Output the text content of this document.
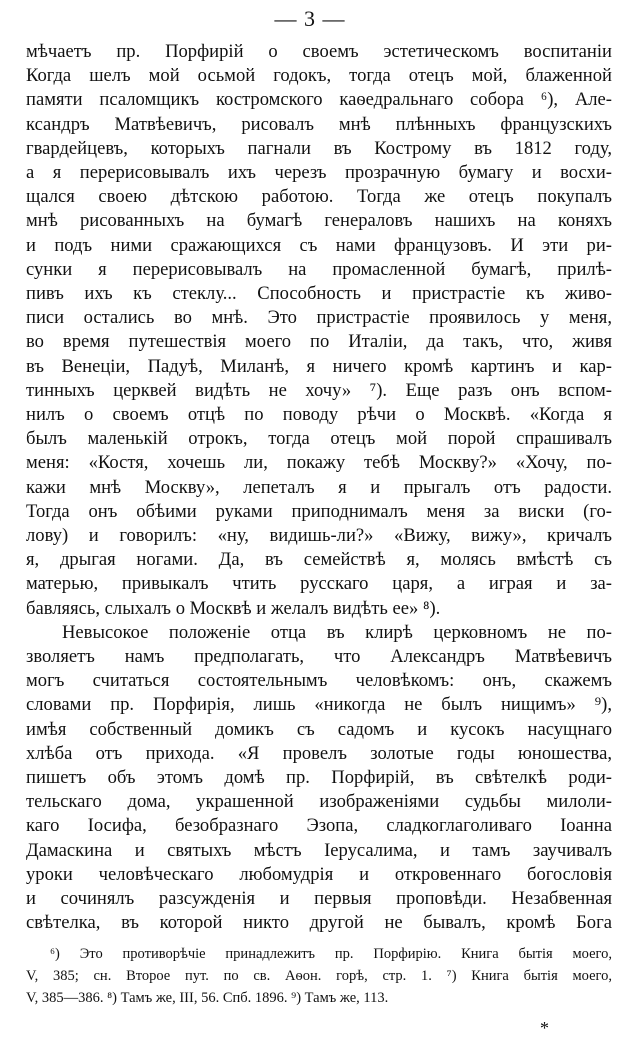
— 3 —
мѣчаетъ пр. Порфирій о своемъ эстетическомъ воспитаніи
Когда шелъ мой осьмой годокъ, тогда отецъ мой, блаженной
памяти псаломщикъ костромского каѳедральнаго собора ⁶), Але-
ксандръ Матвѣевичъ, рисовалъ мнѣ плѣнныхъ французскихъ
гвардейцевъ, которыхъ пагнали въ Кострому въ 1812 году,
а я перерисовывалъ ихъ черезъ прозрачную бумагу и восхи-
щался своею дѣтскою работою. Тогда же отецъ покупалъ
мнѣ рисованныхъ на бумагѣ генераловъ нашихъ на коняхъ
и подъ ними сражающихся съ нами французовъ. И эти ри-
сунки я перерисовывалъ на промасленной бумагѣ, прилѣ-
пивъ ихъ къ стеклу... Способность и пристрастіе къ живо-
писи остались во мнѣ. Это пристрастіе проявилось у меня,
во время путешествія моего по Италіи, да такъ, что, живя
въ Венеціи, Падуѣ, Миланѣ, я ничего кромѣ картинъ и кар-
тинныхъ церквей видѣть не хочу» ⁷). Еще разъ онъ вспом-
нилъ о своемъ отцѣ по поводу рѣчи о Москвѣ. «Когда я
былъ маленькій отрокъ, тогда отецъ мой порой спрашивалъ
меня: «Костя, хочешь ли, покажу тебѣ Москву?» «Хочу, по-
кажи мнѣ Москву», лепеталъ я и прыгалъ отъ радости.
Тогда онъ обѣими руками приподнималъ меня за виски (го-
лову) и говорилъ: «ну, видишь-ли?» «Вижу, вижу», кричалъ
я, дрыгая ногами. Да, въ семействѣ я, молясь вмѣстѣ съ
матерью, привыкалъ чтить русскаго царя, а играя и за-
бавляясь, слыхалъ о Москвѣ и желалъ видѣть ее» ⁸).
Невысокое положеніе отца въ клирѣ церковномъ не по-
зволяетъ намъ предполагать, что Александръ Матвѣевичъ
могъ считаться состоятельнымъ человѣкомъ: онъ, скажемъ
словами пр. Порфирія, лишь «никогда не былъ нищимъ» ⁹),
имѣя собственный домикъ съ садомъ и кусокъ насущнаго
хлѣба отъ прихода. «Я провелъ золотые годы юношества,
пишетъ объ этомъ домѣ пр. Порфирій, въ свѣтелкѣ роди-
тельскаго дома, украшенной изображеніями судьбы милоли-
каго Іосифа, безобразнаго Эзопа, сладкоглаголиваго Іоанна
Дамаскина и святыхъ мѣстъ Іерусалима, и тамъ заучивалъ
уроки человѣческаго любомудрія и откровеннаго богословія
и сочинялъ разсужденія и первыя проповѣди. Незабвенная
свѣтелка, въ которой никто другой не бывалъ, кромѣ Бога
⁶) Это противорѣчіе принадлежитъ пр. Порфирію. Книга бытія моего,
V, 385; сн. Второе пут. по св. Аѳон. горѣ, стр. 1. ⁷) Книга бытія моего,
V, 385—386. ⁸) Тамъ же, III, 56. Спб. 1896. ⁹) Тамъ же, 113.
*
